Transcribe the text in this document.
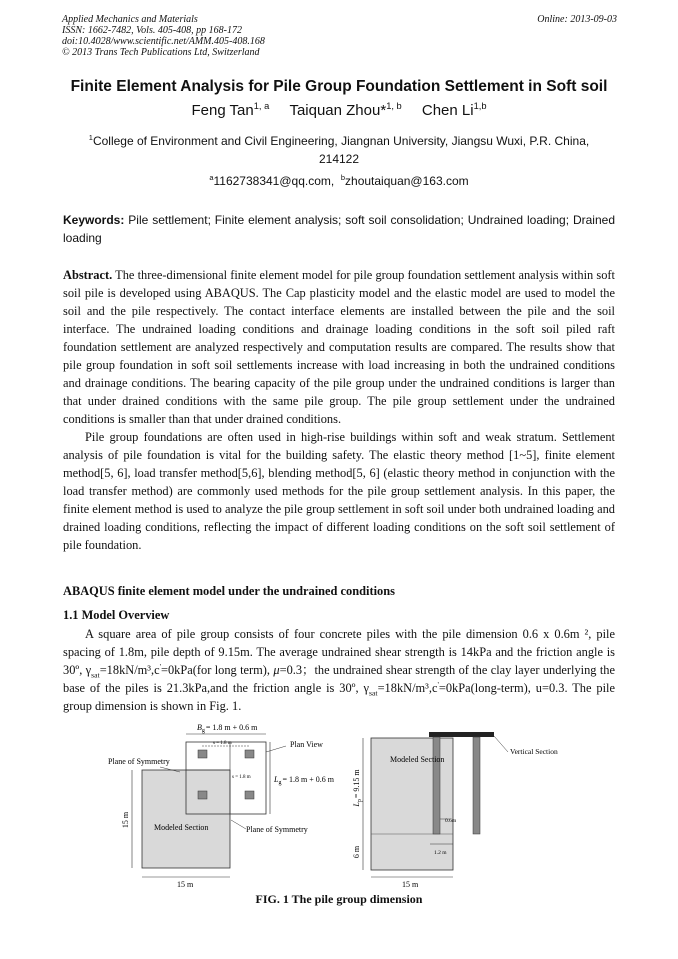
Applied Mechanics and Materials
ISSN: 1662-7482, Vols. 405-408, pp 168-172
doi:10.4028/www.scientific.net/AMM.405-408.168
© 2013 Trans Tech Publications Ltd, Switzerland
Online: 2013-09-03
Finite Element Analysis for Pile Group Foundation Settlement in Soft soil
Feng Tan$^{1, a}$ Taiquan Zhou*$^{1, b}$ Chen Li$^{1,b}$
$^1$College of Environment and Civil Engineering, Jiangnan University, Jiangsu Wuxi, P.R. China, 214122
$^a$1162738341@qq.com, $^b$zhoutaiquan@163.com
Keywords: Pile settlement; Finite element analysis; soft soil consolidation; Undrained loading; Drained loading

Abstract. The three-dimensional finite element model for pile group foundation settlement analysis within soft soil pile is developed using ABAQUS. The Cap plasticity model and the elastic model are used to model the soil and the pile respectively. The contact interface elements are installed between the pile and the soil interface. The undrained loading conditions and drainage loading conditions in the soft soil piled raft foundation settlement are analyzed respectively and computation results are compared. The results show that pile group foundation in soft soil settlements increase with load increasing in both the undrained conditions and drainage conditions. The bearing capacity of the pile group under the undrained conditions is larger than that under drained conditions with the same pile group. The pile group settlement under the undrained conditions is smaller than that under drained conditions.

Pile group foundations are often used in high-rise buildings within soft and weak stratum. Settlement analysis of pile foundation is vital for the building safety. The elastic theory method [1~5], finite element method[5, 6], load transfer method[5,6], blending method[5, 6] (elastic theory method in conjunction with the load transfer method) are commonly used methods for the pile group settlement analysis. In this paper, the finite element method is used to analyze the pile group settlement in soft soil under both undrained loading and drained loading conditions, reflecting the impact of different loading conditions on the soft soil settlement of pile foundation.

ABAQUS finite element model under the undrained conditions
1.1 Model Overview

A square area of pile group consists of four concrete piles with the pile dimension 0.6 x 0.6m ², pile spacing of 1.8m, pile depth of 9.15m. The average undrained shear strength is 14kPa and the friction angle is 30º, $\gamma_{sat}=18kN/m^3,c'=0kPa(for$ long term), μ=0.3；the undrained shear strength of the clay layer underlying the base of the piles is 21.3kPa,and the friction angle is 30º, $\gamma_{sat}=18kN/m^3,c'=0kPa(long-term)$, u=0.3. The pile group dimension is shown in Fig. 1.

$B_g= 1.8$ m + 0.6 m
s = 1.8 m
$L_g= 1.8$ m + 0.6 m
s = 1.8 m
Plan View
Plane of Symmetry
Modeled Section	Plane of Symmetry
15 m
15 m
Modeled Section
Vertical Section
$L_p= 9.15$ m
6 m
0.6m
1.2 m
15 m
FIG. 1 The pile group dimension
